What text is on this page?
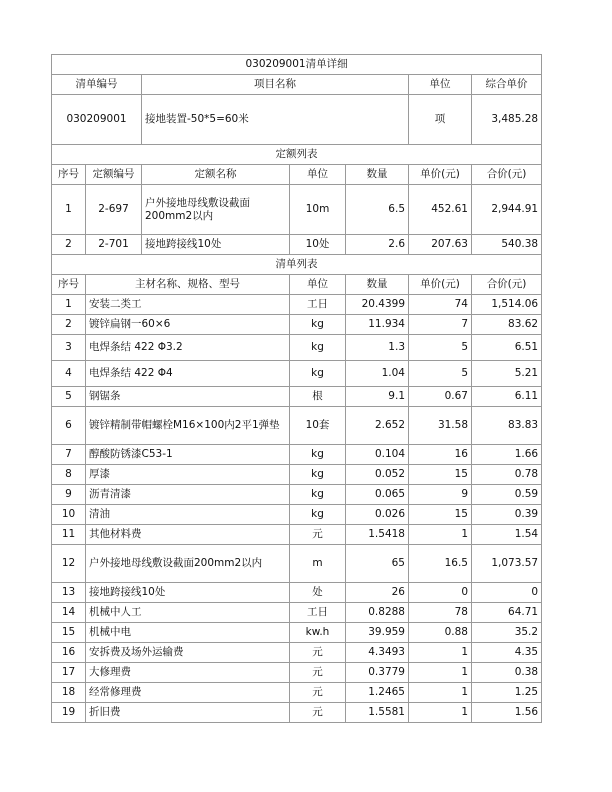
030209001清单详细						
清单编号		项目名称			单位	综合单价
030209001		接地装置-50*5=60米			项	3,485.28
定额列表						
序号	定额编号	定额名称	单位	数量	单价(元)	合价(元)
1	2-697	户外接地母线敷设截面200mm2以内	10m	6.5	452.61	2,944.91
2	2-701	接地跨接线10处	10处	2.6	207.63	540.38
清单列表						
序号	主材名称、规格、型号		单位	数量	单价(元)	合价(元)
1	安装二类工		工日	20.4399	74	1,514.06
2	镀锌扁钢一60×6		kg	11.934	7	83.62
3	电焊条结 422 Φ3.2		kg	1.3	5	6.51
4	电焊条结 422 Φ4		kg	1.04	5	5.21
5	钢锯条		根	9.1	0.67	6.11
6	镀锌精制带帽螺栓M16×100内2平1弹垫		10套	2.652	31.58	83.83
7	醇酸防锈漆C53-1		kg	0.104	16	1.66
8	厚漆		kg	0.052	15	0.78
9	沥青清漆		kg	0.065	9	0.59
10	清油		kg	0.026	15	0.39
11	其他材料费		元	1.5418	1	1.54
12	户外接地母线敷设截面200mm2以内		m	65	16.5	1,073.57
13	接地跨接线10处		处	26	0	0
14	机械中人工		工日	0.8288	78	64.71
15	机械中电		kw.h	39.959	0.88	35.2
16	安拆费及场外运输费		元	4.3493	1	4.35
17	大修理费		元	0.3779	1	0.38
18	经常修理费		元	1.2465	1	1.25
19	折旧费		元	1.5581	1	1.56
